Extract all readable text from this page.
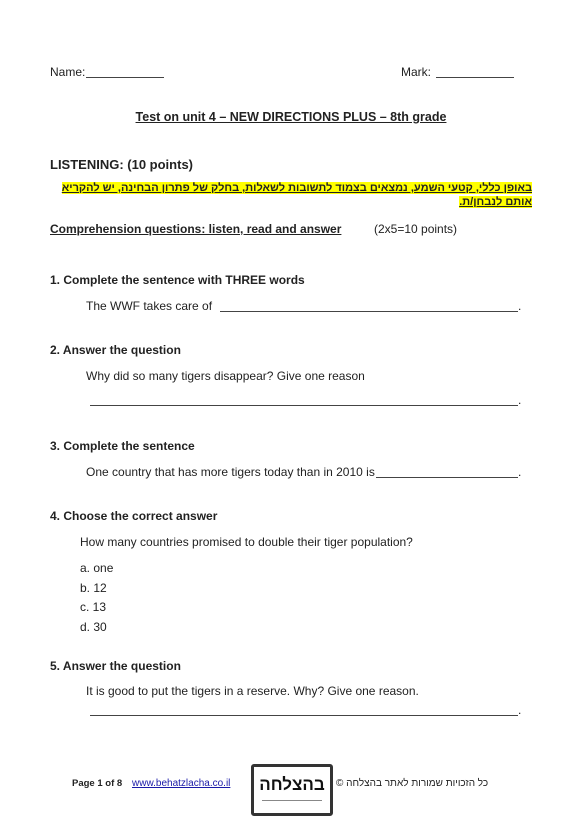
Name:	Mark:
Test on unit 4 – NEW DIRECTIONS PLUS – 8th grade
LISTENING: (10 points)
באופן כללי, קטעי השמע, נמצאים בצמוד לתשובות לשאלות, בחלק של פתרון הבחינה, יש להקריא
אותם לנבחן/ת.
Comprehension questions: listen, read and answer	(2x5=10 points)
1. Complete the sentence with THREE words
The WWF takes care of	.
2. Answer the question
Why did so many tigers disappear? Give one reason
.
3. Complete the sentence
One country that has more tigers today than in 2010 is	.
4. Choose the correct answer
How many countries promised to double their tiger population?
a. one
b. 12
c. 13
d. 30
5. Answer the question
It is good to put the tigers in a reserve. Why? Give one reason.
.
Page 1 of 8 www.behatzlacha.co.il	בהצלחה	כל הזכויות שמורות לאתר בהצלחה ©
